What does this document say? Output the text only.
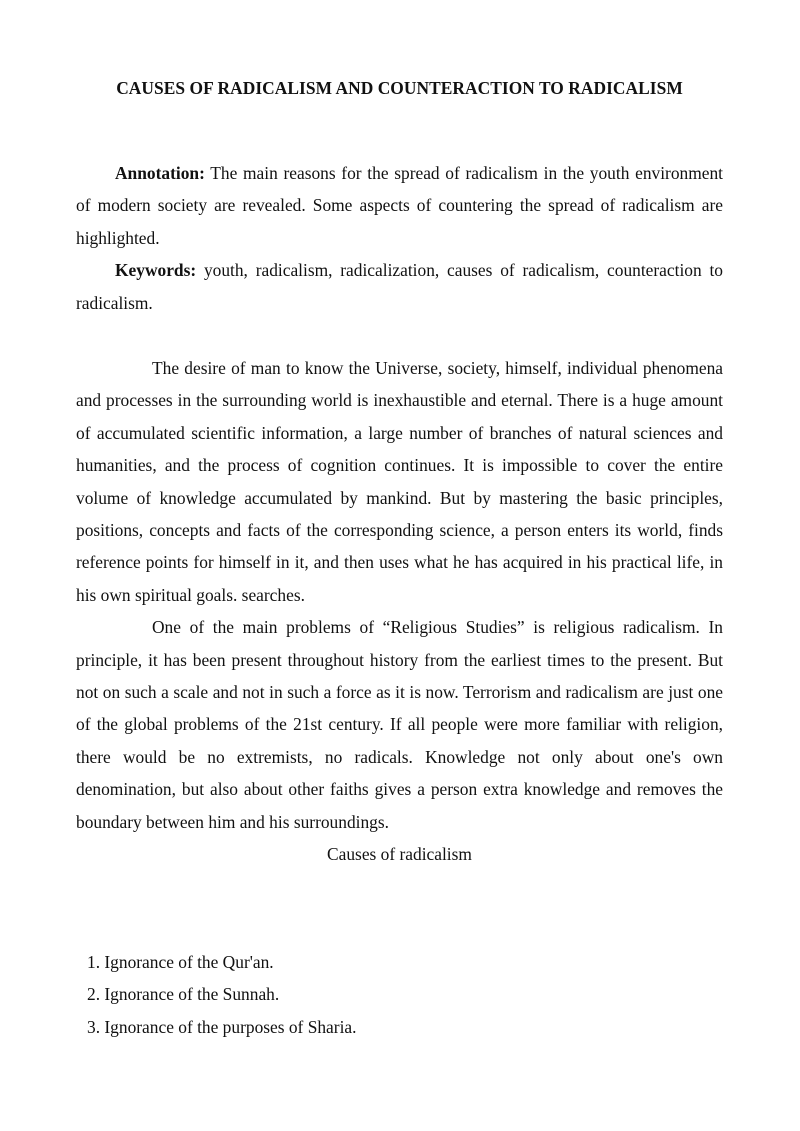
CAUSES OF RADICALISM AND COUNTERACTION TO RADICALISM

Annotation: The main reasons for the spread of radicalism in the youth environment of modern society are revealed. Some aspects of countering the spread of radicalism are highlighted.

Keywords: youth, radicalism, radicalization, causes of radicalism, counteraction to radicalism.

The desire of man to know the Universe, society, himself, individual phenomena and processes in the surrounding world is inexhaustible and eternal. There is a huge amount of accumulated scientific information, a large number of branches of natural sciences and humanities, and the process of cognition continues. It is impossible to cover the entire volume of knowledge accumulated by mankind. But by mastering the basic principles, positions, concepts and facts of the corresponding science, a person enters its world, finds reference points for himself in it, and then uses what he has acquired in his practical life, in his own spiritual goals. searches.

One of the main problems of “Religious Studies” is religious radicalism. In principle, it has been present throughout history from the earliest times to the present. But not on such a scale and not in such a force as it is now. Terrorism and radicalism are just one of the global problems of the 21st century. If all people were more familiar with religion, there would be no extremists, no radicals. Knowledge not only about one's own denomination, but also about other faiths gives a person extra knowledge and removes the boundary between him and his surroundings.

Causes of radicalism

1. Ignorance of the Qur'an.
2. Ignorance of the Sunnah.
3. Ignorance of the purposes of Sharia.
